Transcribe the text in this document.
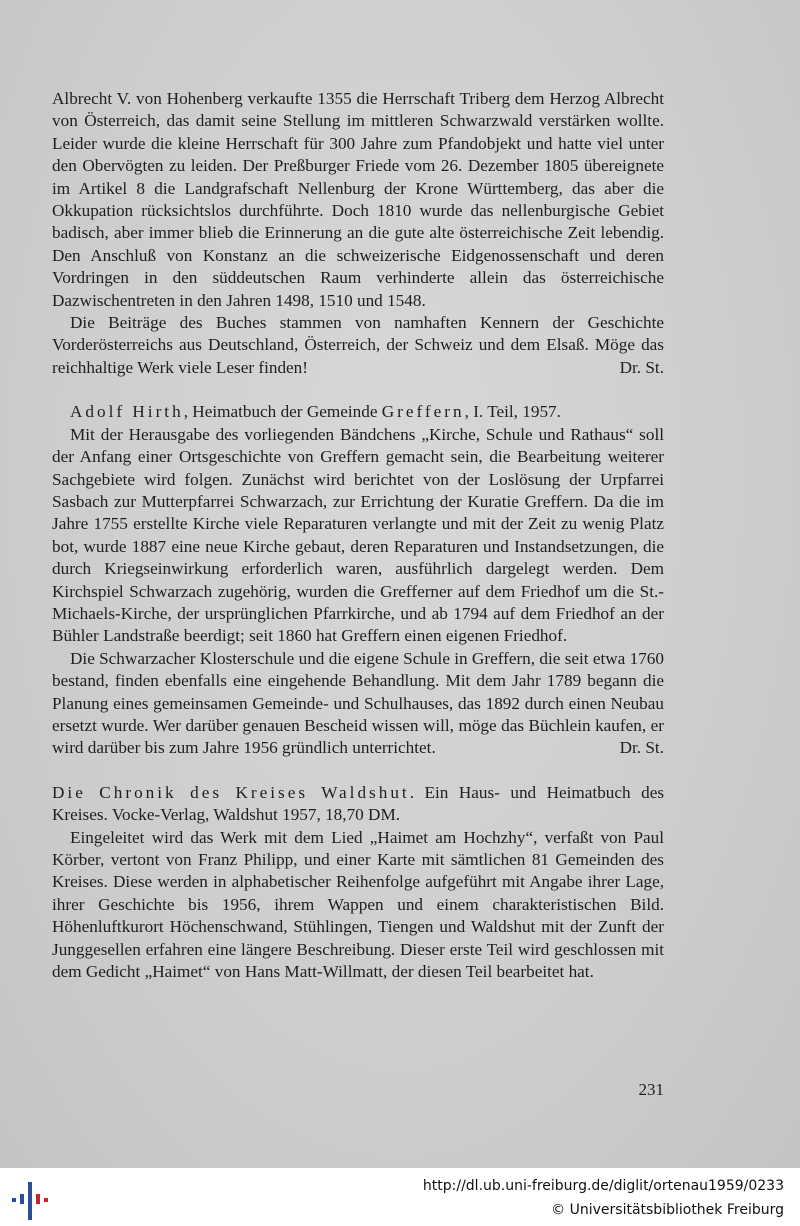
Albrecht V. von Hohenberg verkaufte 1355 die Herrschaft Triberg dem Herzog Albrecht von Österreich, das damit seine Stellung im mittleren Schwarzwald verstärken wollte. Leider wurde die kleine Herrschaft für 300 Jahre zum Pfandobjekt und hatte viel unter den Obervögten zu leiden. Der Preßburger Friede vom 26. Dezember 1805 übereignete im Artikel 8 die Landgrafschaft Nellenburg der Krone Württemberg, das aber die Okkupation rücksichtslos durchführte. Doch 1810 wurde das nellenburgische Gebiet badisch, aber immer blieb die Erinnerung an die gute alte österreichische Zeit lebendig. Den Anschluß von Konstanz an die schweizerische Eidgenossenschaft und deren Vordringen in den süddeutschen Raum verhinderte allein das österreichische Dazwischentreten in den Jahren 1498, 1510 und 1548.

Die Beiträge des Buches stammen von namhaften Kennern der Geschichte Vorderösterreichs aus Deutschland, Österreich, der Schweiz und dem Elsaß. Möge das reichhaltige Werk viele Leser finden!	Dr. St.

Adolf Hirth, Heimatbuch der Gemeinde Greffern, I. Teil, 1957.

Mit der Herausgabe des vorliegenden Bändchens „Kirche, Schule und Rathaus“ soll der Anfang einer Ortsgeschichte von Greffern gemacht sein, die Bearbeitung weiterer Sachgebiete wird folgen. Zunächst wird berichtet von der Loslösung der Urpfarrei Sasbach zur Mutterpfarrei Schwarzach, zur Errichtung der Kuratie Greffern. Da die im Jahre 1755 erstellte Kirche viele Reparaturen verlangte und mit der Zeit zu wenig Platz bot, wurde 1887 eine neue Kirche gebaut, deren Reparaturen und Instandsetzungen, die durch Kriegseinwirkung erforderlich waren, ausführlich dargelegt werden. Dem Kirchspiel Schwarzach zugehörig, wurden die Grefferner auf dem Friedhof um die St.-Michaels-Kirche, der ursprünglichen Pfarrkirche, und ab 1794 auf dem Friedhof an der Bühler Landstraße beerdigt; seit 1860 hat Greffern einen eigenen Friedhof.

Die Schwarzacher Klosterschule und die eigene Schule in Greffern, die seit etwa 1760 bestand, finden ebenfalls eine eingehende Behandlung. Mit dem Jahr 1789 begann die Planung eines gemeinsamen Gemeinde- und Schulhauses, das 1892 durch einen Neubau ersetzt wurde. Wer darüber genauen Bescheid wissen will, möge das Büchlein kaufen, er wird darüber bis zum Jahre 1956 gründlich unterrichtet.	Dr. St.

Die Chronik des Kreises Waldshut. Ein Haus- und Heimatbuch des Kreises. Vocke-Verlag, Waldshut 1957, 18,70 DM.

Eingeleitet wird das Werk mit dem Lied „Haimet am Hochzhy“, verfaßt von Paul Körber, vertont von Franz Philipp, und einer Karte mit sämtlichen 81 Gemeinden des Kreises. Diese werden in alphabetischer Reihenfolge aufgeführt mit Angabe ihrer Lage, ihrer Geschichte bis 1956, ihrem Wappen und einem charakteristischen Bild. Höhenluftkurort Höchenschwand, Stühlingen, Tiengen und Waldshut mit der Zunft der Junggesellen erfahren eine längere Beschreibung. Dieser erste Teil wird geschlossen mit dem Gedicht „Haimet“ von Hans Matt-Willmatt, der diesen Teil bearbeitet hat.

231
http://dl.ub.uni-freiburg.de/diglit/ortenau1959/0233
© Universitätsbibliothek Freiburg
